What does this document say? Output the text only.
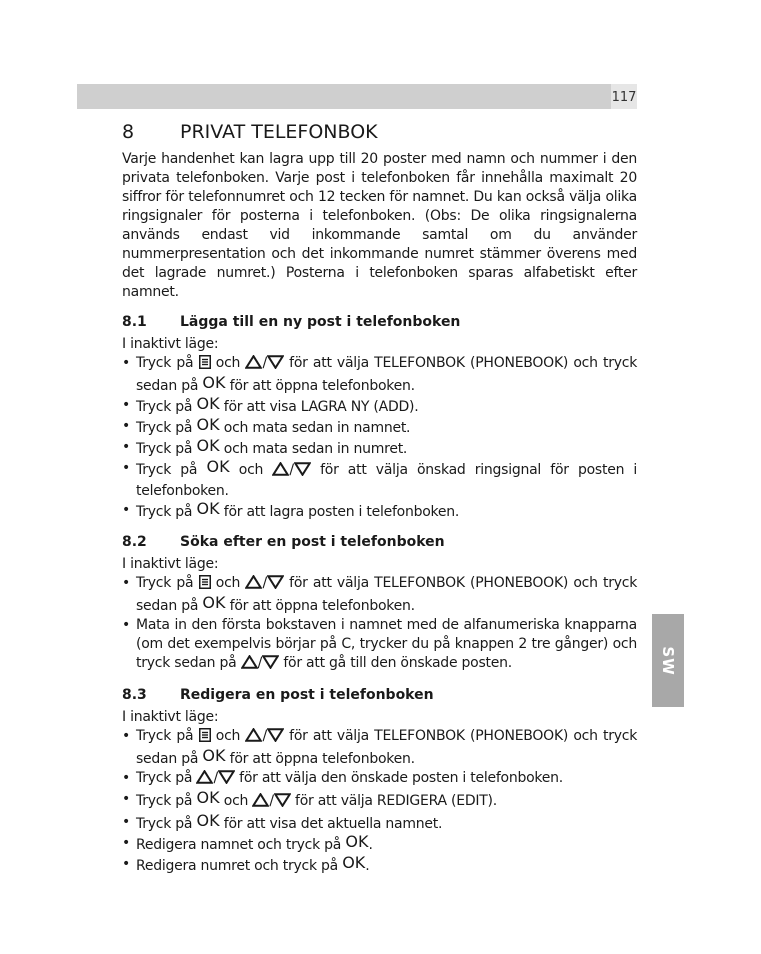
117
SW
8	PRIVAT TELEFONBOK

Varje handenhet kan lagra upp till 20 poster med namn och nummer i den privata telefonboken. Varje post i telefonboken får innehålla maximalt 20 siffror för telefonnumret och 12 tecken för namnet. Du kan också välja olika ringsignaler för posterna i telefonboken. (Obs: De olika ringsignalerna används endast vid inkommande samtal om du använder nummerpresentation och det inkommande numret stämmer överens med det lagrade numret.) Posterna i telefonboken sparas alfabetiskt efter namnet.

8.1	Lägga till en ny post i telefonboken

I inaktivt läge:

• Tryck på och / för att välja TELEFONBOK (PHONEBOOK) och tryck sedan på OK för att öppna telefonboken.
• Tryck på OK för att visa LAGRA NY (ADD).
• Tryck på OK och mata sedan in namnet.
• Tryck på OK och mata sedan in numret.
• Tryck på OK och / för att välja önskad ringsignal för posten i telefonboken.
• Tryck på OK för att lagra posten i telefonboken.
8.2	Söka efter en post i telefonboken

I inaktivt läge:

• Tryck på och / för att välja TELEFONBOK (PHONEBOOK) och tryck sedan på OK för att öppna telefonboken.
• Mata in den första bokstaven i namnet med de alfanumeriska knapparna (om det exempelvis börjar på C, trycker du på knappen 2 tre gånger) och tryck sedan på / för att gå till den önskade posten.
8.3	Redigera en post i telefonboken

I inaktivt läge:

• Tryck på och / för att välja TELEFONBOK (PHONEBOOK) och tryck sedan på OK för att öppna telefonboken.
• Tryck på / för att välja den önskade posten i telefonboken.
• Tryck på OK och / för att välja REDIGERA (EDIT).
• Tryck på OK för att visa det aktuella namnet.
• Redigera namnet och tryck på OK.
• Redigera numret och tryck på OK.
